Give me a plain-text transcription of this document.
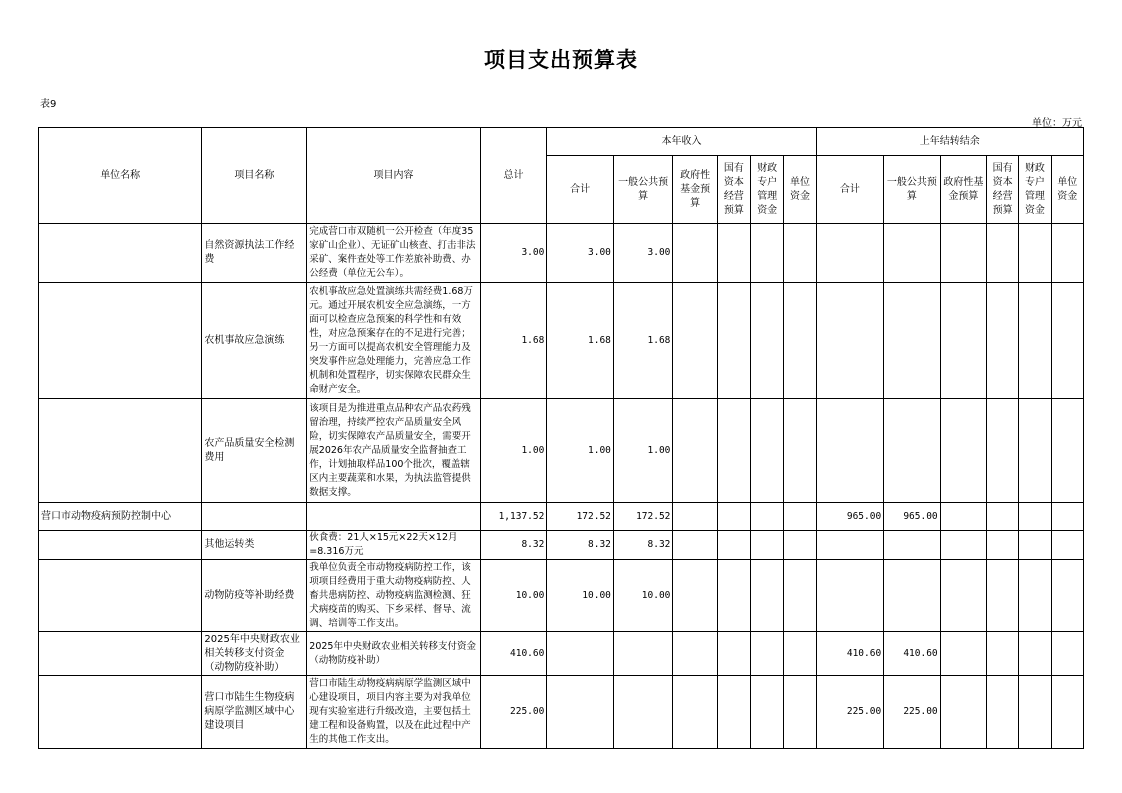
项目支出预算表
表9
单位：万元
单位名称	项目名称	项目内容	总计	本年收入						上年结转结余					
				合计	一般公共预算	政府性基金预算	国有资本经营预算	财政专户管理资金	单位资金	合计	一般公共预算	政府性基金预算	国有资本经营预算	财政专户管理资金	单位资金
	自然资源执法工作经费	完成营口市双随机一公开检查（年度35家矿山企业）、无证矿山核查、打击非法采矿、案件查处等工作差旅补助费、办公经费（单位无公车）。	3.00	3.00	3.00										
	农机事故应急演练	农机事故应急处置演练共需经费1.68万元。通过开展农机安全应急演练，一方面可以检查应急预案的科学性和有效性，对应急预案存在的不足进行完善；另一方面可以提高农机安全管理能力及突发事件应急处理能力，完善应急工作机制和处置程序，切实保障农民群众生命财产安全。	1.68	1.68	1.68										
	农产品质量安全检测费用	该项目是为推进重点品种农产品农药残留治理，持续严控农产品质量安全风险，切实保障农产品质量安全，需要开展2026年农产品质量安全监督抽查工作，计划抽取样品100个批次，覆盖辖区内主要蔬菜和水果，为执法监管提供数据支撑。	1.00	1.00	1.00										
营口市动物疫病预防控制中心			1,137.52	172.52	172.52					965.00	965.00				
	其他运转类	伙食费：21人×15元×22天×12月=8.316万元	8.32	8.32	8.32										
	动物防疫等补助经费	我单位负责全市动物疫病防控工作，该项项目经费用于重大动物疫病防控、人畜共患病防控、动物疫病监测检测、狂犬病疫苗的购买、下乡采样、督导、流调、培训等工作支出。	10.00	10.00	10.00										
	2025年中央财政农业相关转移支付资金（动物防疫补助）	2025年中央财政农业相关转移支付资金（动物防疫补助）	410.60							410.60	410.60				
	营口市陆生生物疫病病原学监测区域中心建设项目	营口市陆生动物疫病病原学监测区域中心建设项目，项目内容主要为对我单位现有实验室进行升级改造，主要包括土建工程和设备购置，以及在此过程中产生的其他工作支出。	225.00							225.00	225.00				
